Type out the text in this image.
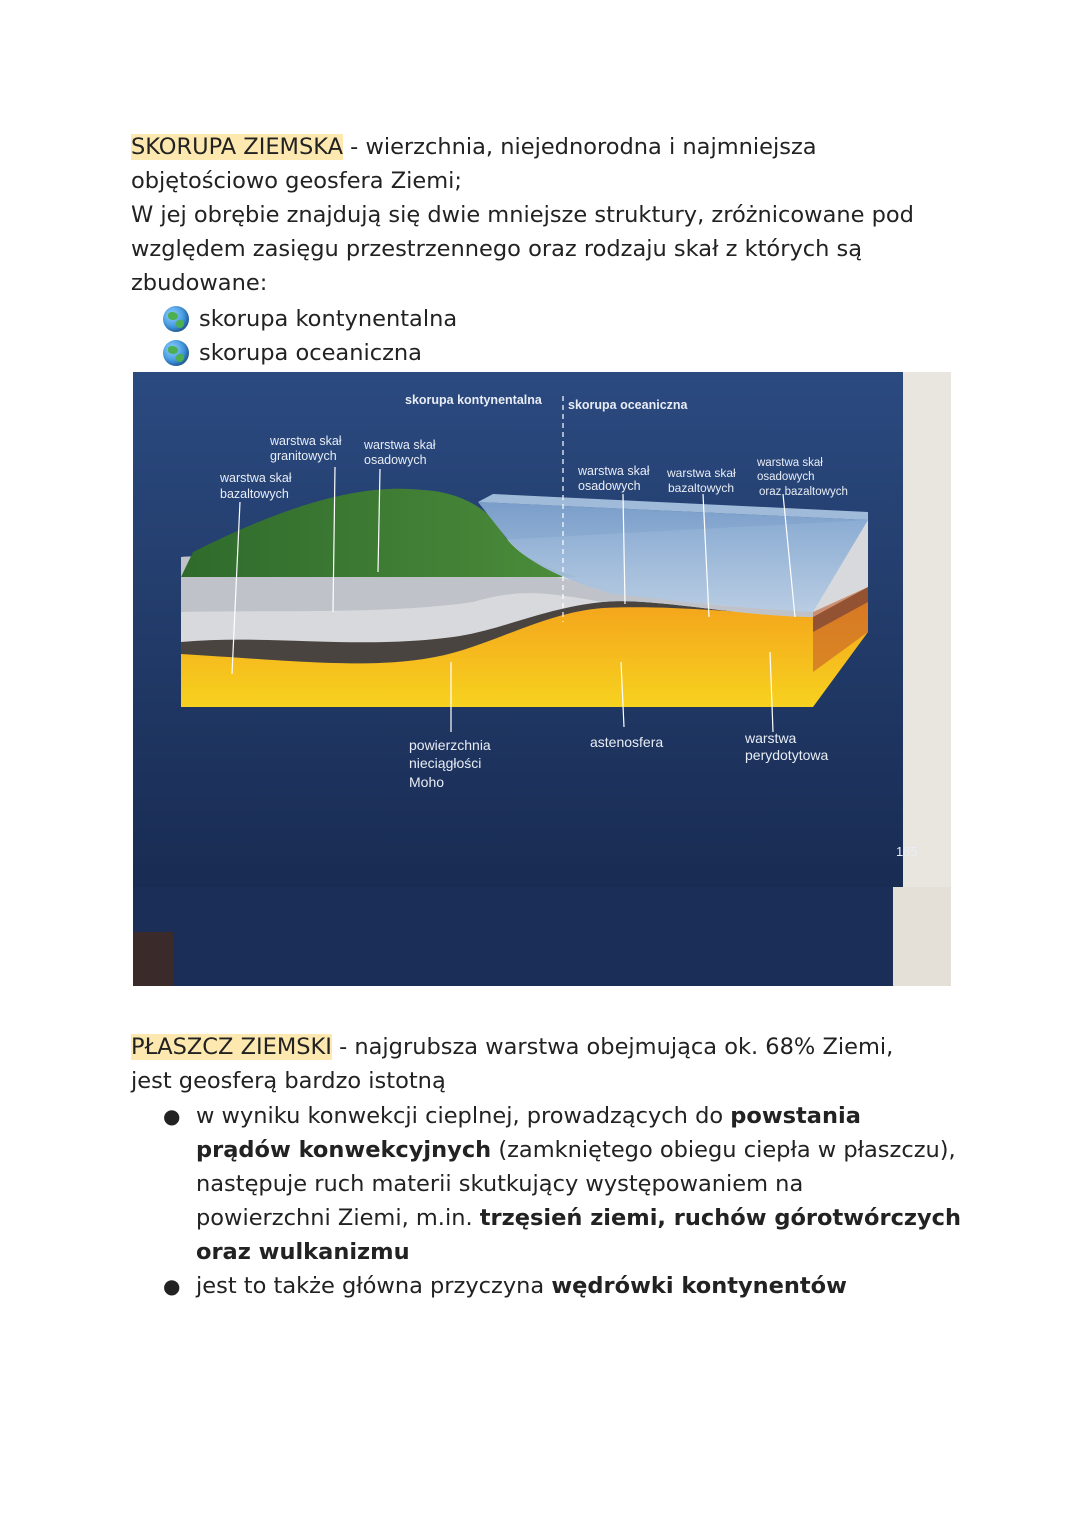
SKORUPA ZIEMSKA - wierzchnia, niejednorodna i najmniejsza
objętościowo geosfera Ziemi;
W jej obrębie znajdują się dwie mniejsze struktury, zróżnicowane pod
względem zasięgu przestrzennego oraz rodzaju skał z których są
zbudowane:
skorupa kontynentalna
skorupa oceaniczna
skorupa kontynentalna skorupa oceaniczna
warstwa skał
granitowych
warstwa skał
osadowych
warstwa skał
bazaltowych
warstwa skał
osadowych
warstwa skał
bazaltowych
warstwa skał
osadowych
oraz bazaltowych
powierzchnia
nieciągłości
Moho
astenosfera	warstwa
perydotytowa
185
PŁASZCZ ZIEMSKI - najgrubsza warstwa obejmująca ok. 68% Ziemi,
jest geosferą bardzo istotną
● w wyniku konwekcji cieplnej, prowadzących do powstania
prądów konwekcyjnych (zamkniętego obiegu ciepła w płaszczu),
następuje ruch materii skutkujący występowaniem na
powierzchni Ziemi, m.in. trzęsień ziemi, ruchów górotwórczych
oraz wulkanizmu
● jest to także główna przyczyna wędrówki kontynentów
